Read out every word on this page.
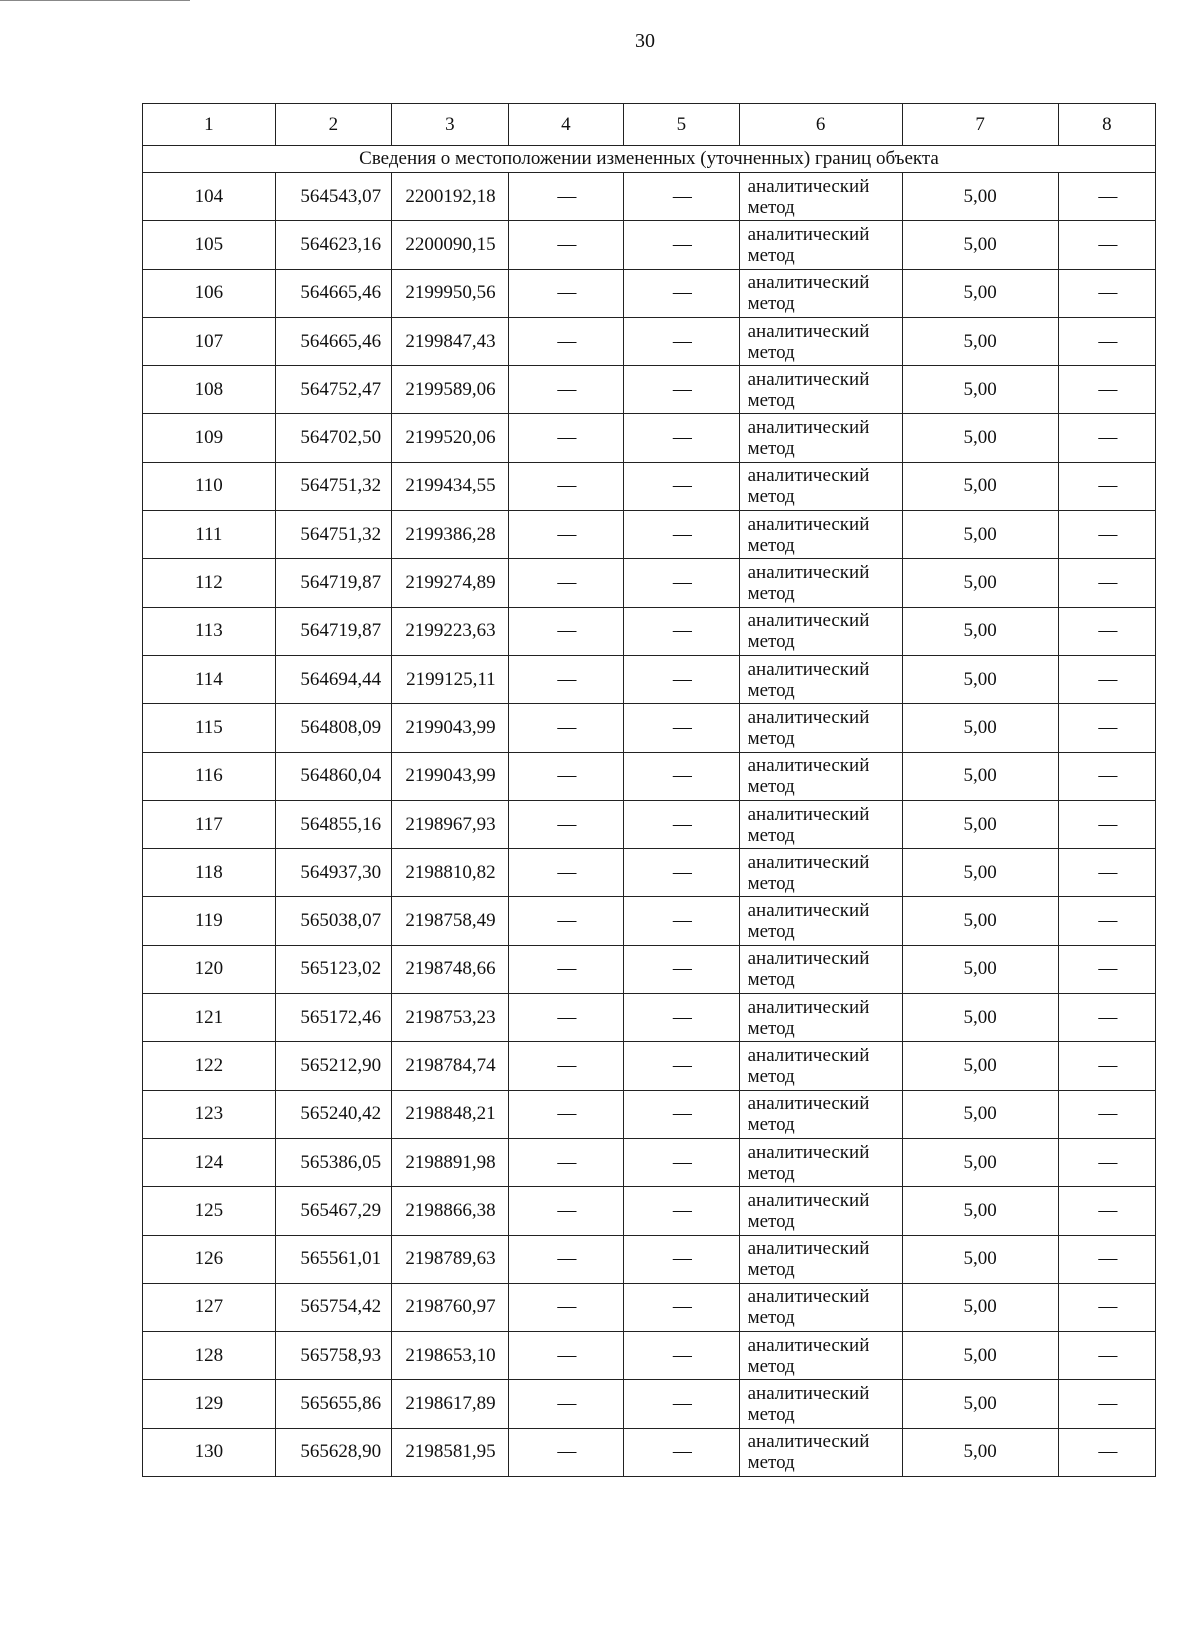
30
1	2	3	4	5	6	7	8
Сведения о местоположении измененных (уточненных) границ объекта							
104	564543,07	2200192,18	—	—	аналитический метод	5,00	—
105	564623,16	2200090,15	—	—	аналитический метод	5,00	—
106	564665,46	2199950,56	—	—	аналитический метод	5,00	—
107	564665,46	2199847,43	—	—	аналитический метод	5,00	—
108	564752,47	2199589,06	—	—	аналитический метод	5,00	—
109	564702,50	2199520,06	—	—	аналитический метод	5,00	—
110	564751,32	2199434,55	—	—	аналитический метод	5,00	—
111	564751,32	2199386,28	—	—	аналитический метод	5,00	—
112	564719,87	2199274,89	—	—	аналитический метод	5,00	—
113	564719,87	2199223,63	—	—	аналитический метод	5,00	—
114	564694,44	2199125,11	—	—	аналитический метод	5,00	—
115	564808,09	2199043,99	—	—	аналитический метод	5,00	—
116	564860,04	2199043,99	—	—	аналитический метод	5,00	—
117	564855,16	2198967,93	—	—	аналитический метод	5,00	—
118	564937,30	2198810,82	—	—	аналитический метод	5,00	—
119	565038,07	2198758,49	—	—	аналитический метод	5,00	—
120	565123,02	2198748,66	—	—	аналитический метод	5,00	—
121	565172,46	2198753,23	—	—	аналитический метод	5,00	—
122	565212,90	2198784,74	—	—	аналитический метод	5,00	—
123	565240,42	2198848,21	—	—	аналитический метод	5,00	—
124	565386,05	2198891,98	—	—	аналитический метод	5,00	—
125	565467,29	2198866,38	—	—	аналитический метод	5,00	—
126	565561,01	2198789,63	—	—	аналитический метод	5,00	—
127	565754,42	2198760,97	—	—	аналитический метод	5,00	—
128	565758,93	2198653,10	—	—	аналитический метод	5,00	—
129	565655,86	2198617,89	—	—	аналитический метод	5,00	—
130	565628,90	2198581,95	—	—	аналитический метод	5,00	—
